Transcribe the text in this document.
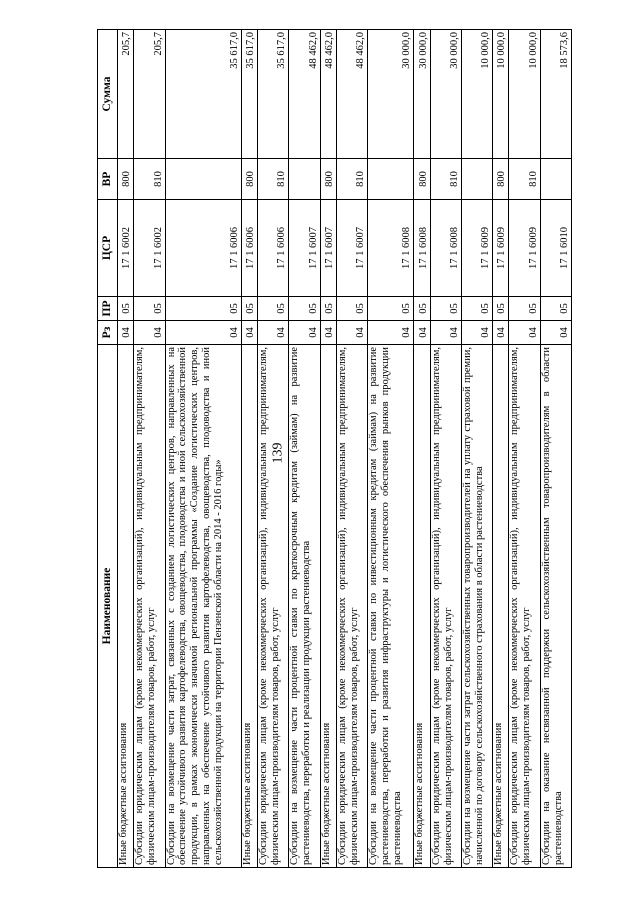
139
Наименование	Рз	ПР	ЦСР	ВР	Сумма
Иные бюджетные ассигнования	04	05	17 1 6002	800	205,7
Субсидии юридическим лицам (кроме некоммерческих организаций), индивидуальным предпринимателям, физическим лицам-производителям товаров, работ, услуг	04	05	17 1 6002	810	205,7
Субсидии на возмещение части затрат, связанных с созданием логистических центров, направленных на обеспечение устойчивого развития картофелеводства, овощеводства, плодоводства и иной сельскохозяйственной продукции, в рамках экономически значимой региональной программы «Создание логистических центров, направленных на обеспечение устойчивого развития картофелеводства, овощеводства, плодоводства и иной сельскохозяйственной продукции на территории Пензенской области на 2014 - 2016 годы»	04	05	17 1 6006		35 617,0
Иные бюджетные ассигнования	04	05	17 1 6006	800	35 617,0
Субсидии юридическим лицам (кроме некоммерческих организаций), индивидуальным предпринимателям, физическим лицам-производителям товаров, работ, услуг	04	05	17 1 6006	810	35 617,0
Субсидии на возмещение части процентной ставки по краткосрочным кредитам (займам) на развитие растениеводства, переработки и реализации продукции растениеводства	04	05	17 1 6007		48 462,0
Иные бюджетные ассигнования	04	05	17 1 6007	800	48 462,0
Субсидии юридическим лицам (кроме некоммерческих организаций), индивидуальным предпринимателям, физическим лицам-производителям товаров, работ, услуг	04	05	17 1 6007	810	48 462,0
Субсидии на возмещение части процентной ставки по инвестиционным кредитам (займам) на развитие растениеводства, переработки и развития инфраструктуры и логистического обеспечения рынков продукции растениеводства	04	05	17 1 6008		30 000,0
Иные бюджетные ассигнования	04	05	17 1 6008	800	30 000,0
Субсидии юридическим лицам (кроме некоммерческих организаций), индивидуальным предпринимателям, физическим лицам-производителям товаров, работ, услуг	04	05	17 1 6008	810	30 000,0
Субсидии на возмещение части затрат сельскохозяйственных товаропроизводителей на уплату страховой премии, начисленной по договору сельскохозяйственного страхования в области растениеводства	04	05	17 1 6009		10 000,0
Иные бюджетные ассигнования	04	05	17 1 6009	800	10 000,0
Субсидии юридическим лицам (кроме некоммерческих организаций), индивидуальным предпринимателям, физическим лицам-производителям товаров, работ, услуг	04	05	17 1 6009	810	10 000,0
Субсидии на оказание несвязанной поддержки сельскохозяйственным товаропроизводителям в области растениеводства	04	05	17 1 6010		18 573,6
